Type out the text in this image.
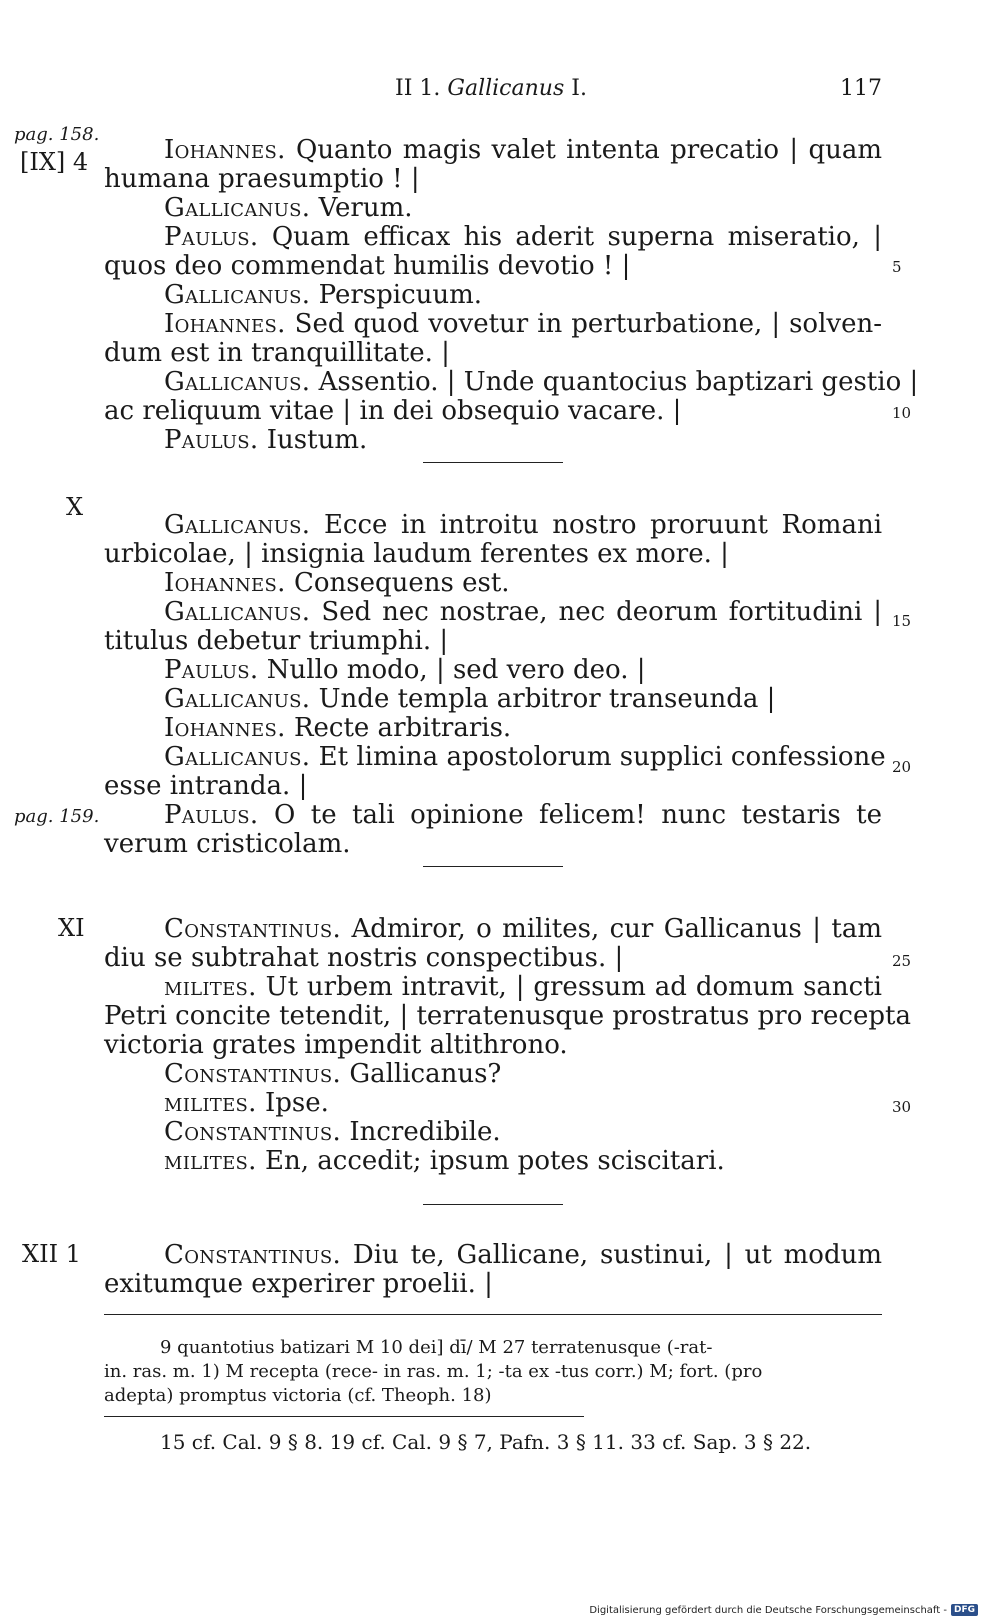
II 1. Gallicanus I.	117
pag. 158.
[IX] 4
X
pag. 159.
XI
XII 1
5
10
15
20
25
30
Iohannes. Quanto magis valet intenta precatio | quam
humana praesumptio ! |
Gallicanus. Verum.
Paulus. Quam efficax his aderit superna miseratio, |
quos deo commendat humilis devotio ! |
Gallicanus. Perspicuum.
Iohannes. Sed quod vovetur in perturbatione, | solven-
dum est in tranquillitate. |
Gallicanus. Assentio. | Unde quantocius baptizari gestio |
ac reliquum vitae | in dei obsequio vacare. |
Paulus. Iustum.
Gallicanus. Ecce in introitu nostro proruunt Romani
urbicolae, | insignia laudum ferentes ex more. |
Iohannes. Consequens est.
Gallicanus. Sed nec nostrae, nec deorum fortitudini |
titulus debetur triumphi. |
Paulus. Nullo modo, | sed vero deo. |
Gallicanus. Unde templa arbitror transeunda |
Iohannes. Recte arbitraris.
Gallicanus. Et limina apostolorum supplici confessione
esse intranda. |
Paulus. O te tali opinione felicem! nunc testaris te
verum cristicolam.
Constantinus. Admiror, o milites, cur Gallicanus | tam
diu se subtrahat nostris conspectibus. |
milites. Ut urbem intravit, | gressum ad domum sancti
Petri concite tetendit, | terratenusque prostratus pro recepta
victoria grates impendit altithrono.
Constantinus. Gallicanus?
milites. Ipse.
Constantinus. Incredibile.
milites. En, accedit; ipsum potes sciscitari.
Constantinus. Diu te, Gallicane, sustinui, | ut modum
exitumque experirer proelii. |
9 quantotius batizari M 10 dei] dī/ M 27 terratenusque (-rat-
in. ras. m. 1) M recepta (rece- in ras. m. 1; -ta ex -tus corr.) M; fort. (pro
adepta) promptus victoria (cf. Theoph. 18)
15 cf. Cal. 9 § 8. 19 cf. Cal. 9 § 7, Pafn. 3 § 11. 33 cf. Sap. 3 § 22.
Digitalisierung gefördert durch die Deutsche Forschungsgemeinschaft - DFG
